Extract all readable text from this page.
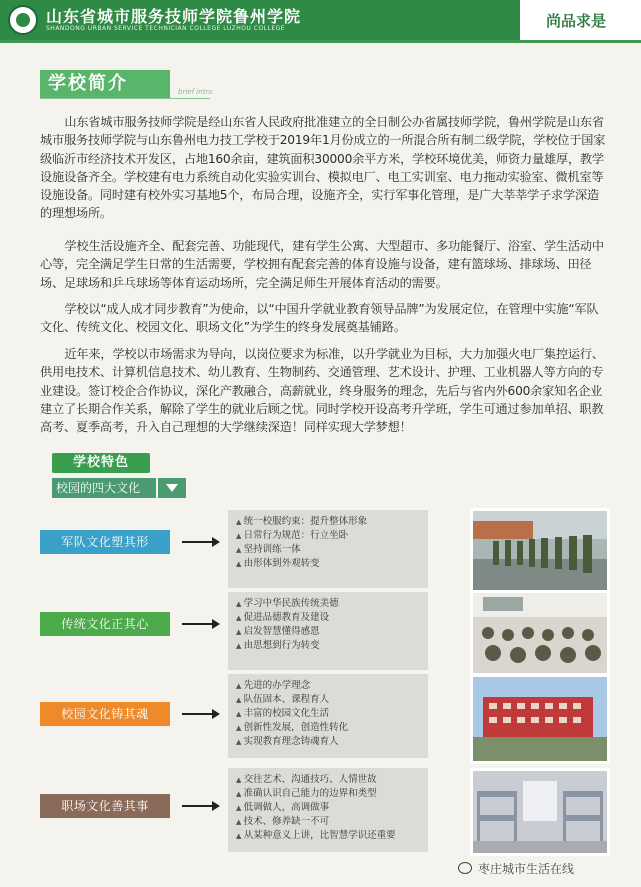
山东省城市服务技师学院鲁州学院
SHANDONG URBAN SERVICE TECHNICIAN COLLEGE LUZHOU COLLEGE	尚品求是
学校简介	brief intro

山东省城市服务技师学院是经山东省人民政府批准建立的全日制公办省属技师学院，鲁州学院是山东省城市服务技师学院与山东鲁州电力技工学校于2019年1月份成立的一所混合所有制二级学院，学校位于国家级临沂市经济技术开发区，占地160余亩，建筑面积30000余平方米，学校环境优美，师资力量雄厚，教学设施设备齐全。学校建有电力系统自动化实验实训台、模拟电厂、电工实训室、电力拖动实验室、微机室等设施设备。同时建有校外实习基地5个，布局合理，设施齐全，实行军事化管理，是广大莘莘学子求学深造的理想场所。

学校生活设施齐全、配套完善、功能现代，建有学生公寓、大型超市、多功能餐厅、浴室、学生活动中心等，完全满足学生日常的生活需要，学校拥有配套完善的体育设施与设备，建有篮球场、排球场、田径场、足球场和乒乓球场等体育运动场所，完全满足师生开展体育活动的需要。

学校以“成人成才同步教育”为使命，以“中国升学就业教育领导品牌”为发展定位，在管理中实施“军队文化、传统文化、校园文化、职场文化”为学生的终身发展奠基铺路。

近年来，学校以市场需求为导向，以岗位要求为标准，以升学就业为目标，大力加强火电厂集控运行、供用电技术、计算机信息技术、幼儿教育、生物制药、交通管理、艺术设计、护理、工业机器人等方向的专业建设。签订校企合作协议，深化产教融合，高薪就业，终身服务的理念，先后与省内外600余家知名企业建立了长期合作关系，解除了学生的就业后顾之忧。同时学校开设高考升学班，学生可通过参加单招、职教高考、夏季高考，升入自己理想的大学继续深造！同样实现大学梦想！

学校特色
校园的四大文化
军队文化塑其形
▲ 统一校服约束：提升整体形象
▲ 日常行为规范：行立坐卧
▲ 坚持训练一体
▲ 由形体到外观转变
传统文化正其心
▲ 学习中华民族传统美德
▲ 促进品德教育及建设
▲ 启发智慧懂得感恩
▲ 由思想到行为转变
校园文化铸其魂
▲ 先进的办学理念
▲ 队伍固本、课程育人
▲ 丰富的校园文化生活
▲ 创新性发展，创造性转化
▲ 实现教育理念铸魂育人
职场文化善其事
▲ 交往艺术、沟通技巧、人情世故
▲ 准确认识自己能力的边界和类型
▲ 低调做人，高调做事
▲ 技术、修养缺一不可
▲ 从某种意义上讲，比智慧学识还重要
枣庄城市生活在线
